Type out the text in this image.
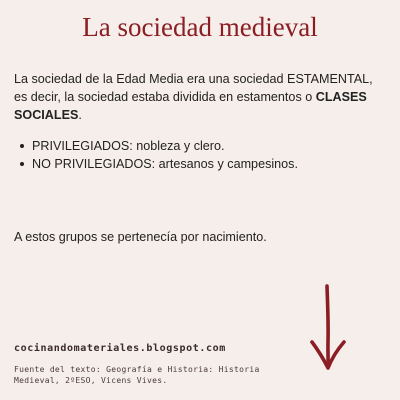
La sociedad medieval

La sociedad de la Edad Media era una sociedad ESTAMENTAL, es decir, la sociedad estaba dividida en estamentos o CLASES SOCIALES.

PRIVILEGIADOS: nobleza y clero.
NO PRIVILEGIADOS: artesanos y campesinos.

A estos grupos se pertenecía por nacimiento.

cocinandomateriales.blogspot.com

Fuente del texto: Geografía e Historia: Historia Medieval, 2ºESO, Vicens Vives.
